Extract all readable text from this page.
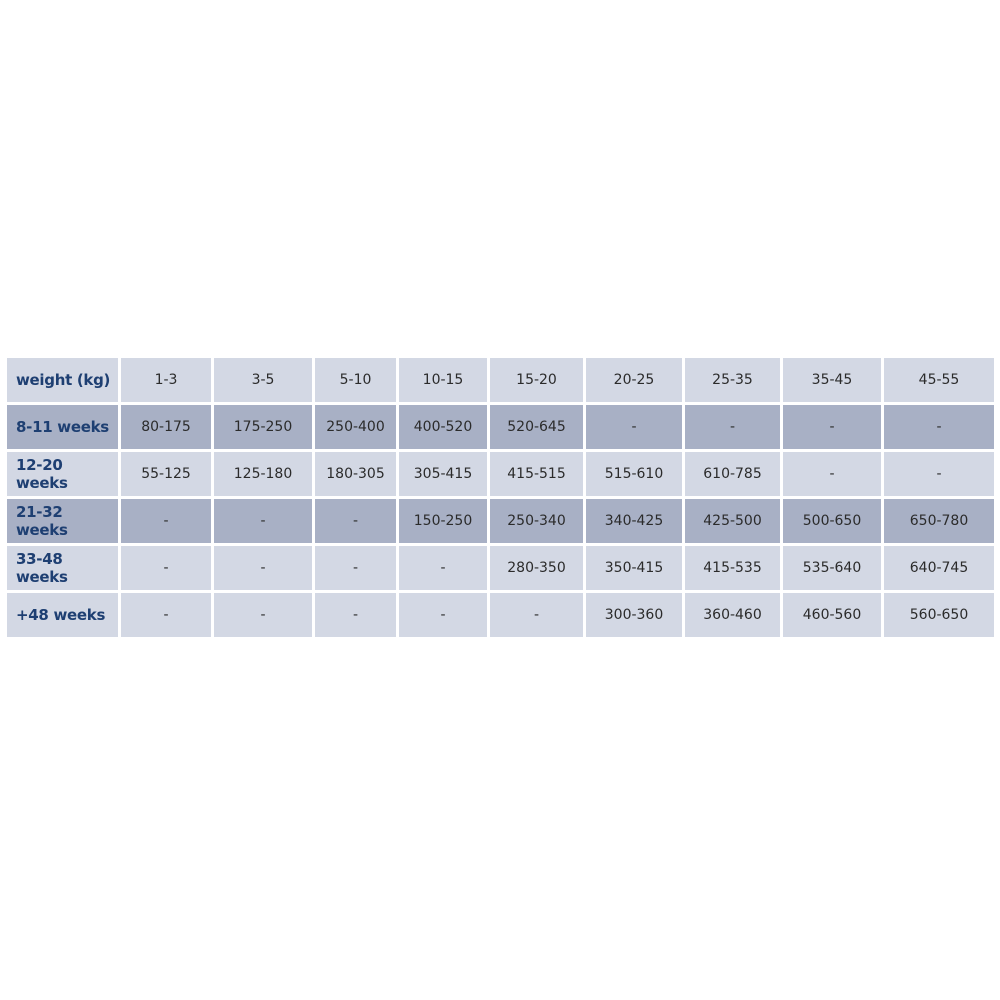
weight (kg)	1-3	3-5	5-10	10-15	15-20	20-25	25-35	35-45	45-55
8-11 weeks	80-175	175-250	250-400	400-520	520-645	-	-	-	-
12-20 weeks	55-125	125-180	180-305	305-415	415-515	515-610	610-785	-	-
21-32 weeks	-	-	-	150-250	250-340	340-425	425-500	500-650	650-780
33-48 weeks	-	-	-	-	280-350	350-415	415-535	535-640	640-745
+48 weeks	-	-	-	-	-	300-360	360-460	460-560	560-650
